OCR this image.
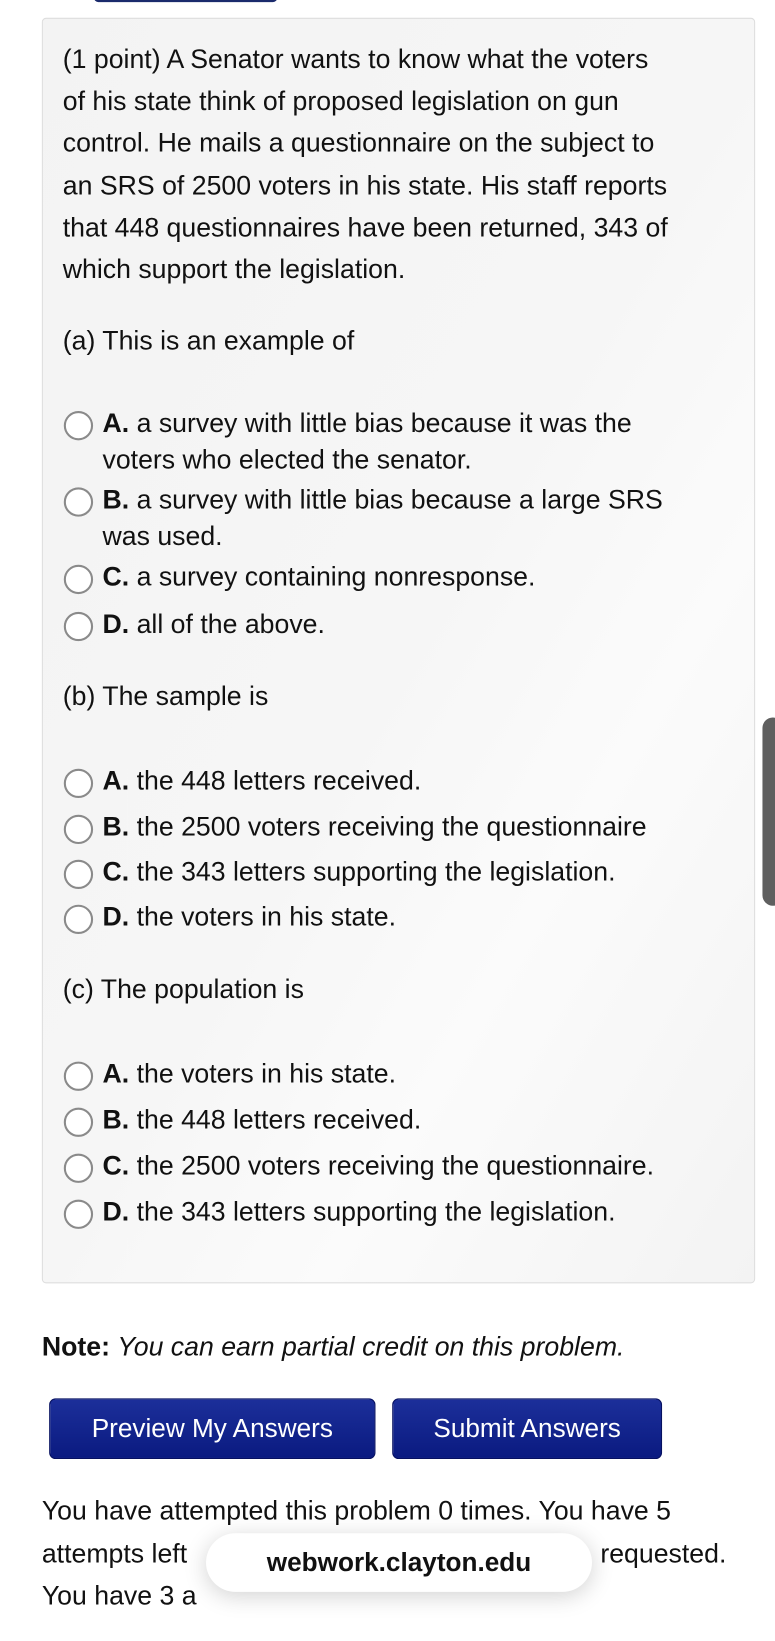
Note: You can earn partial credit on this problem.
Preview My Answers	Submit Answers
You have attempted this problem 0 times. You have 5
attempts left	requested.
You have 3 a
webwork.clayton.edu
(1 point) A Senator wants to know what the voters
of his state think of proposed legislation on gun
control. He mails a questionnaire on the subject to
an SRS of 2500 voters in his state. His staff reports
that 448 questionnaires have been returned, 343 of
which support the legislation.
(a) This is an example of
A. a survey with little bias because it was the
voters who elected the senator.
B. a survey with little bias because a large SRS
was used.
C. a survey containing nonresponse.
D. all of the above.
(b) The sample is
A. the 448 letters received.
B. the 2500 voters receiving the questionnaire
C. the 343 letters supporting the legislation.
D. the voters in his state.
(c) The population is
A. the voters in his state.
B. the 448 letters received.
C. the 2500 voters receiving the questionnaire.
D. the 343 letters supporting the legislation.
